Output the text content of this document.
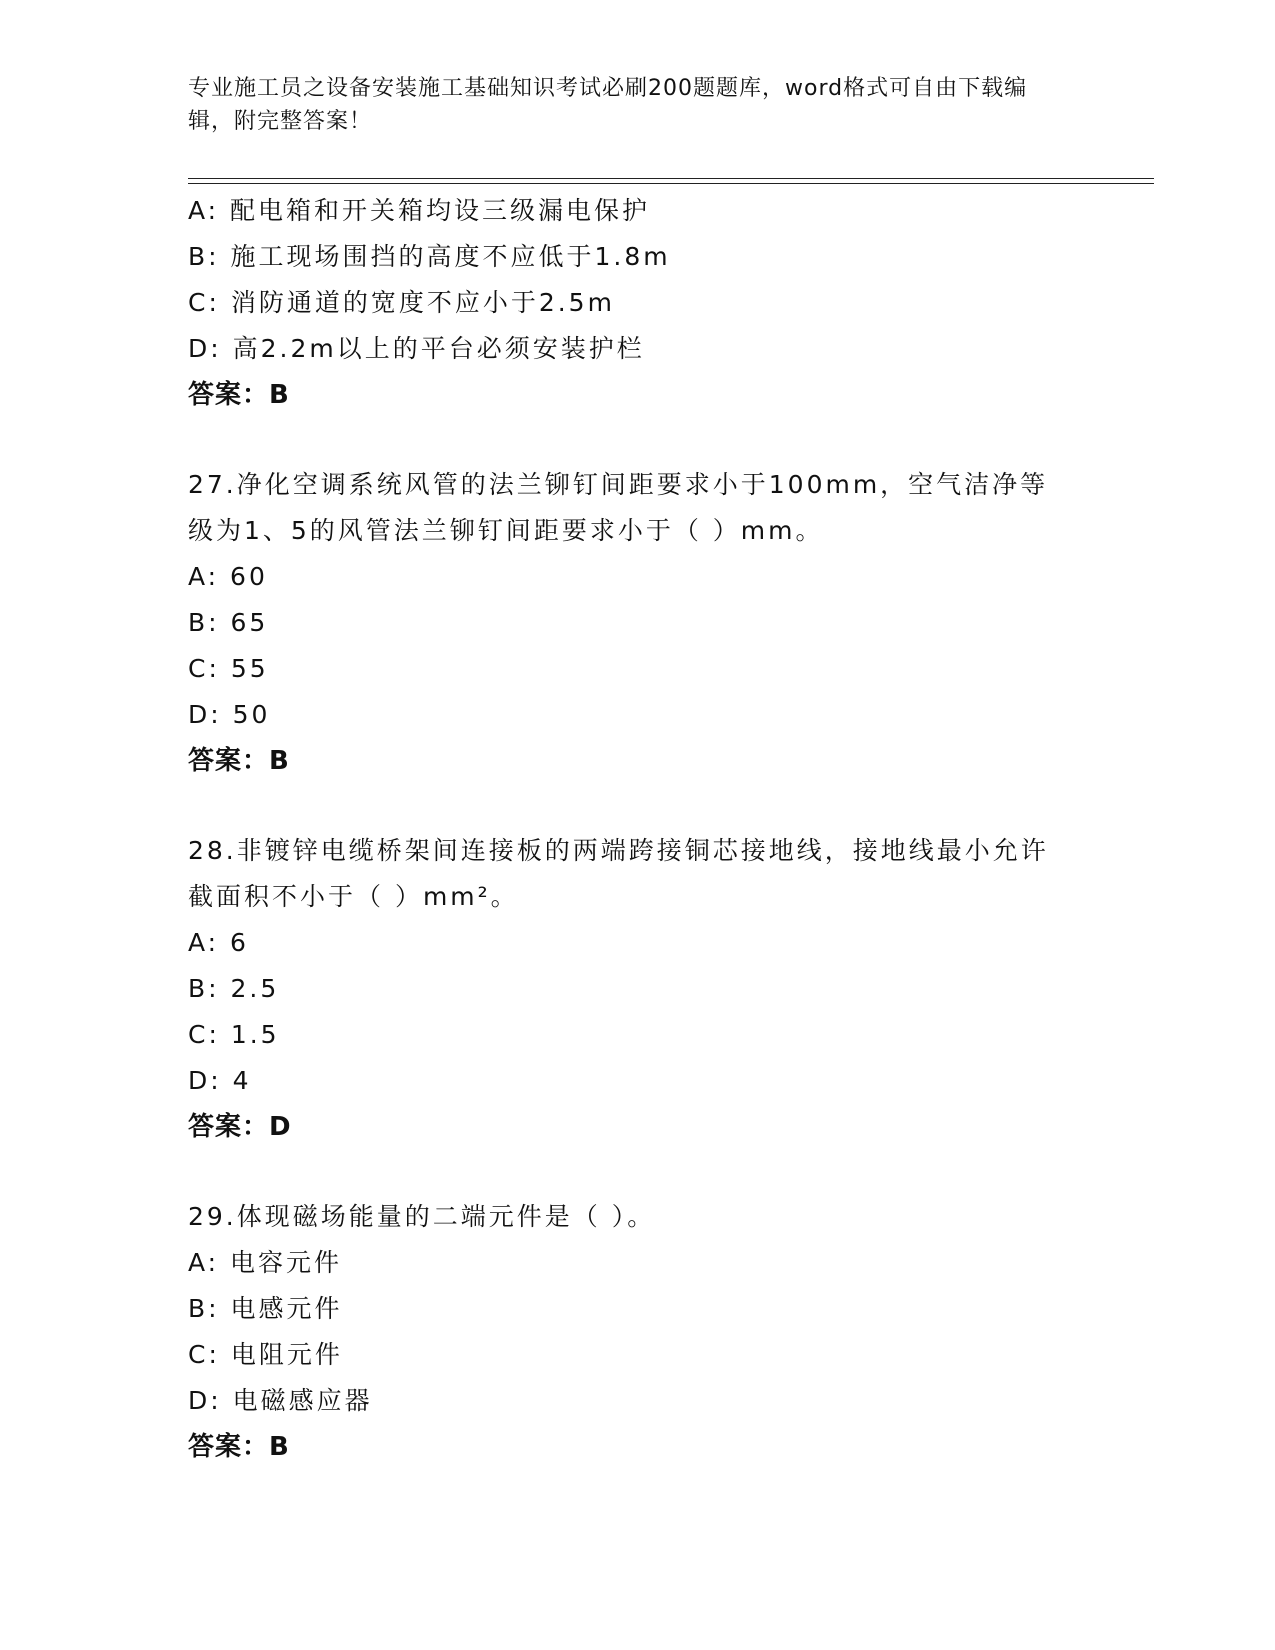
专业施工员之设备安装施工基础知识考试必刷200题题库，word格式可自由下载编辑，附完整答案！
A: 配电箱和开关箱均设三级漏电保护
B: 施工现场围挡的高度不应低于1.8m
C: 消防通道的宽度不应小于2.5m
D: 高2.2m以上的平台必须安装护栏
答案：B
27.净化空调系统风管的法兰铆钉间距要求小于100mm，空气洁净等级为1、5的风管法兰铆钉间距要求小于（ ）mm。
A: 60
B: 65
C: 55
D: 50
答案：B
28.非镀锌电缆桥架间连接板的两端跨接铜芯接地线，接地线最小允许截面积不小于（ ）mm²。
A: 6
B: 2.5
C: 1.5
D: 4
答案：D
29.体现磁场能量的二端元件是（ ）。
A: 电容元件
B: 电感元件
C: 电阻元件
D: 电磁感应器
答案：B
